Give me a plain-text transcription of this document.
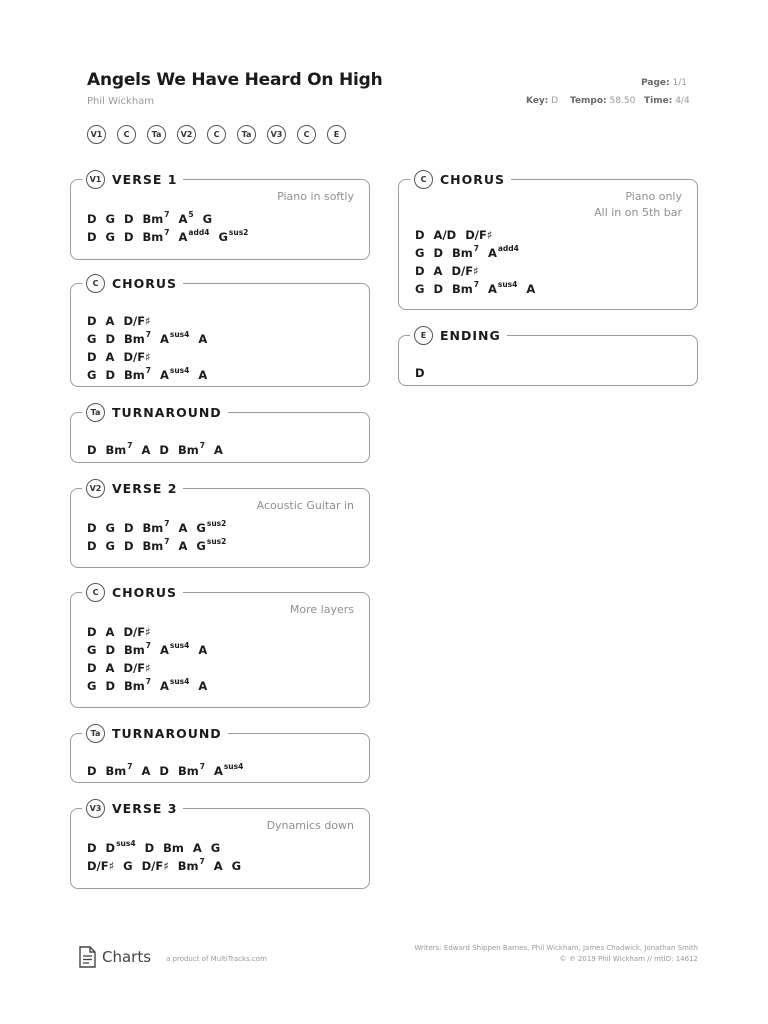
Angels We Have Heard On High
Phil Wickham
Page: 1/1
Key: D Tempo: 58.50 Time: 4/4
V1	C	Ta	V2	C	Ta	V3	C	E
V1 VERSE 1
Piano in softly
D G D Bm$^7$ $A^5$ G
D G D Bm$^7$ $A^{add4}$ $G^{sus2}$
C	CHORUS
D A D/F♯
G D Bm$^7$ $A^{sus4}$ A
D A D/F♯
G D Bm$^7$ $A^{sus4}$ A
Ta TURNAROUND
D Bm$^7$ A D Bm$^7$ A
V2 VERSE 2
Acoustic Guitar in
D G D Bm$^7$ A $G^{sus2}$
D G D Bm$^7$ A $G^{sus2}$
C	CHORUS
More layers
D A D/F♯
G D Bm$^7$ $A^{sus4}$ A
D A D/F♯
G D Bm$^7$ $A^{sus4}$ A
Ta TURNAROUND
D Bm$^7$ A D Bm$^7$ $A^{sus4}$
V3 VERSE 3
Dynamics down
D $D^{sus4}$ D Bm A G
D/F♯ G D/F♯ Bm$^7$ A G
C	CHORUS
Piano only
All in on 5th bar
D A/D D/F♯
G D Bm$^7$ $A^{add4}$
D A D/F♯
G D Bm$^7$ $A^{sus4}$ A
E	ENDING
D
Charts a product of MultiTracks.com
Writers: Edward Shippen Barnes, Phil Wickham, James Chadwick, Jonathan Smith
© ℗ 2019 Phil Wickham // mtID: 14612
